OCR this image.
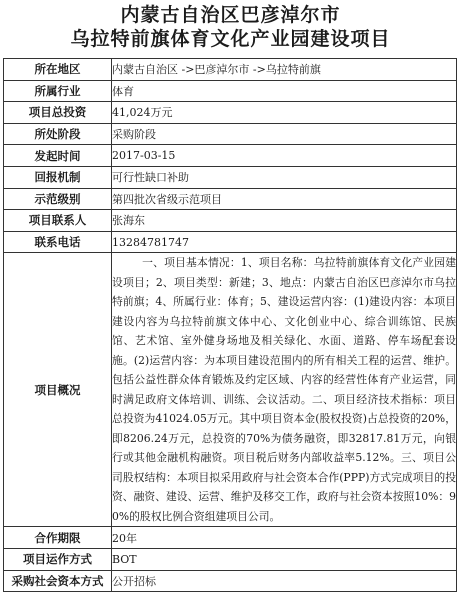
内蒙古自治区巴彦淖尔市
乌拉特前旗体育文化产业园建设项目
所在地区	内蒙古自治区 ->巴彦淖尔市 ->乌拉特前旗
所属行业	体育
项目总投资	41,024万元
所处阶段	采购阶段
发起时间	2017-03-15
回报机制	可行性缺口补助
示范级别	第四批次省级示范项目
项目联系人	张海东
联系电话	13284781747
项目概况	一、项目基本情况：1、项目名称：乌拉特前旗体育文化产业园建设项目；2、项目类型：新建；3、地点：内蒙古自治区巴彦淖尔市乌拉特前旗；4、所属行业：体育；5、建设运营内容：(1)建设内容：本项目建设内容为乌拉特前旗文体中心、文化创业中心、综合训练馆、民族馆、艺术馆、室外健身场地及相关绿化、水面、道路、停车场配套设施。(2)运营内容：为本项目建设范围内的所有相关工程的运营、维护。包括公益性群众体育锻炼及约定区域、内容的经营性体育产业运营，同时满足政府文体培训、训练、会议活动。二、项目经济技术指标：项目总投资为41024.05万元。其中项目资本金(股权投资)占总投资的20%，即8206.24万元，总投资的70%为债务融资，即32817.81万元，向银行或其他金融机构融资。项目税后财务内部收益率5.12%。三、项目公司股权结构：本项目拟采用政府与社会资本合作(PPP)方式完成项目的投资、融资、建设、运营、维护及移交工作，政府与社会资本按照10%：90%的股权比例合资组建项目公司。
合作期限	20年
项目运作方式	BOT
采购社会资本方式	公开招标
